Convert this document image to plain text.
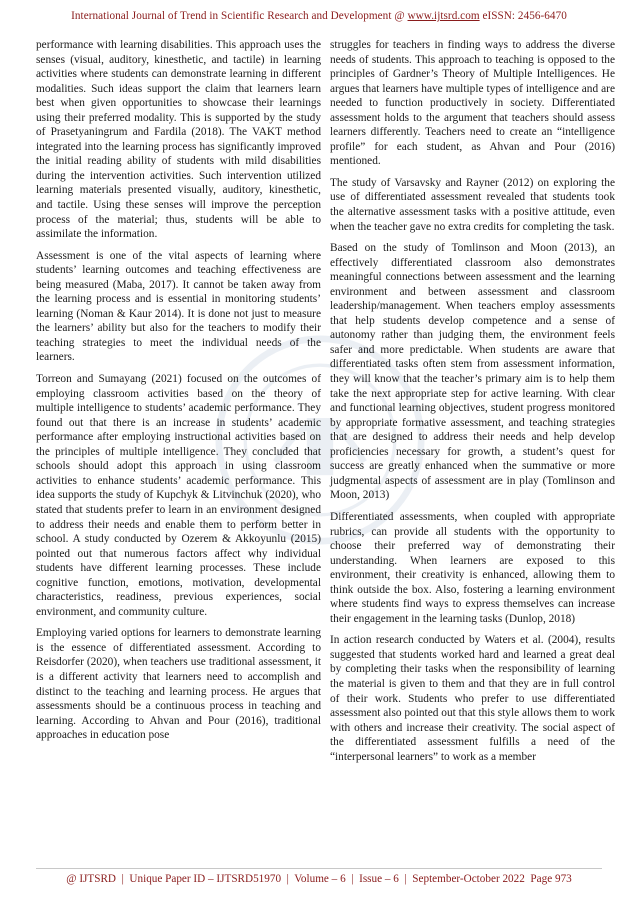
International Journal of Trend in Scientific Research and Development @ www.ijtsrd.com eISSN: 2456-6470

performance with learning disabilities. This approach uses the senses (visual, auditory, kinesthetic, and tactile) in learning activities where students can demonstrate learning in different modalities. Such ideas support the claim that learners learn best when given opportunities to showcase their learnings using their preferred modality. This is supported by the study of Prasetyaningrum and Fardila (2018). The VAKT method integrated into the learning process has significantly improved the initial reading ability of students with mild disabilities during the intervention activities. Such intervention utilized learning materials presented visually, auditory, kinesthetic, and tactile. Using these senses will improve the perception process of the material; thus, students will be able to assimilate the information.

Assessment is one of the vital aspects of learning where students’ learning outcomes and teaching effectiveness are being measured (Maba, 2017). It cannot be taken away from the learning process and is essential in monitoring students’ learning (Noman & Kaur 2014). It is done not just to measure the learners’ ability but also for the teachers to modify their teaching strategies to meet the individual needs of the learners.

Torreon and Sumayang (2021) focused on the outcomes of employing classroom activities based on the theory of multiple intelligence to students’ academic performance. They found out that there is an increase in students’ academic performance after employing instructional activities based on the principles of multiple intelligence. They concluded that schools should adopt this approach in using classroom activities to enhance students’ academic performance. This idea supports the study of Kupchyk & Litvinchuk (2020), who stated that students prefer to learn in an environment designed to address their needs and enable them to perform better in school. A study conducted by Ozerem & Akkoyunlu (2015) pointed out that numerous factors affect why individual students have different learning processes. These include cognitive function, emotions, motivation, developmental characteristics, readiness, previous experiences, social environment, and community culture.

Employing varied options for learners to demonstrate learning is the essence of differentiated assessment. According to Reisdorfer (2020), when teachers use traditional assessment, it is a different activity that learners need to accomplish and distinct to the teaching and learning process. He argues that assessments should be a continuous process in teaching and learning. According to Ahvan and Pour (2016), traditional approaches in education pose

struggles for teachers in finding ways to address the diverse needs of students. This approach to teaching is opposed to the principles of Gardner’s Theory of Multiple Intelligences. He argues that learners have multiple types of intelligence and are needed to function productively in society. Differentiated assessment holds to the argument that teachers should assess learners differently. Teachers need to create an “intelligence profile” for each student, as Ahvan and Pour (2016) mentioned.

The study of Varsavsky and Rayner (2012) on exploring the use of differentiated assessment revealed that students took the alternative assessment tasks with a positive attitude, even when the teacher gave no extra credits for completing the task.

Based on the study of Tomlinson and Moon (2013), an effectively differentiated classroom also demonstrates meaningful connections between assessment and the learning environment and between assessment and classroom leadership/management. When teachers employ assessments that help students develop competence and a sense of autonomy rather than judging them, the environment feels safer and more predictable. When students are aware that differentiated tasks often stem from assessment information, they will know that the teacher’s primary aim is to help them take the next appropriate step for active learning. With clear and functional learning objectives, student progress monitored by appropriate formative assessment, and teaching strategies that are designed to address their needs and help develop proficiencies necessary for growth, a student’s quest for success are greatly enhanced when the summative or more judgmental aspects of assessment are in play (Tomlinson and Moon, 2013)

Differentiated assessments, when coupled with appropriate rubrics, can provide all students with the opportunity to choose their preferred way of demonstrating their understanding. When learners are exposed to this environment, their creativity is enhanced, allowing them to think outside the box. Also, fostering a learning environment where students find ways to express themselves can increase their engagement in the learning tasks (Dunlop, 2018)

In action research conducted by Waters et al. (2004), results suggested that students worked hard and learned a great deal by completing their tasks when the responsibility of learning the material is given to them and that they are in full control of their work. Students who prefer to use differentiated assessment also pointed out that this style allows them to work with others and increase their creativity. The social aspect of the differentiated assessment fulfills a need of the “interpersonal learners” to work as a member

@ IJTSRD  |  Unique Paper ID – IJTSRD51970  |  Volume – 6  |  Issue – 6  |  September-October 2022  Page 973
